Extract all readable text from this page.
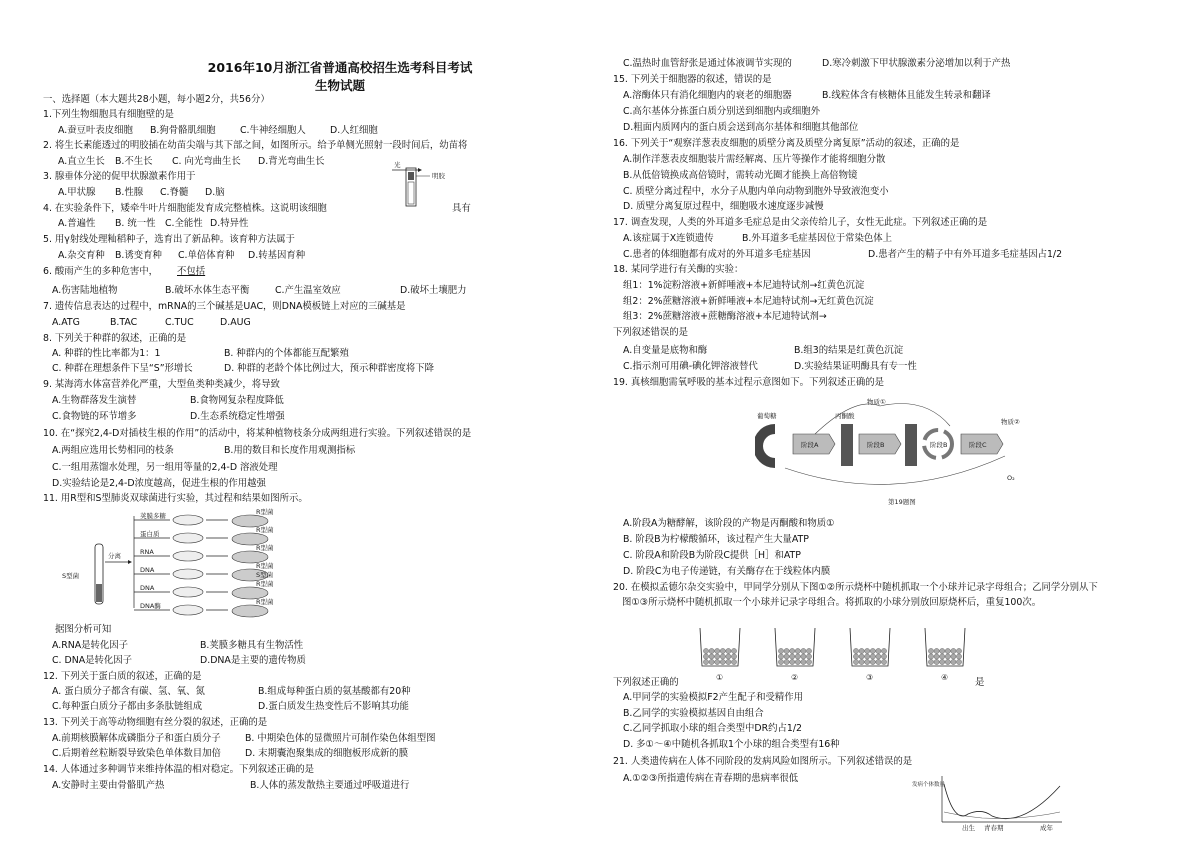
2016年10月浙江省普通高校招生选考科目考试
生物试题
一、选择题（本大题共28小题，每小题2分，共56分）
1.下列生物细胞具有细胞壁的是
A.蚕豆叶表皮细胞 B.狗骨骼肌细胞	C.牛神经细胞人	D.人红细胞
2. 将生长素能透过的明胶插在幼苗尖端与其下部之间，如图所示。给予单侧光照射一段时间后，幼苗将
A.直立生长 B.不生长 C. 向光弯曲生长 D.背光弯曲生长	光
明胶
3. 腺垂体分泌的促甲状腺激素作用于
A.甲状腺 B.性腺 C.脊髓 D.脑
4. 在实验条件下，矮牵牛叶片细胞能发育成完整植株。这说明该细胞	具有
A.普遍性 B. 统一性 C.全能性 D.特异性
5. 用γ射线处理籼稻种子，选育出了新品种。该育种方法属于
A.杂交育种 B.诱变育种 C.单倍体育种 D.转基因育种
6. 酸雨产生的多种危害中， 不包括
A.伤害陆地植物	B.破坏水体生态平衡	C.产生温室效应	D.破坏土壤肥力
7. 遗传信息表达的过程中，mRNA的三个碱基是UAC，则DNA模板链上对应的三碱基是
A.ATG	B.TAC	C.TUC	D.AUG
8. 下列关于种群的叙述，正确的是
A. 种群的性比率都为1：1	B. 种群内的个体都能互配繁殖
C. 种群在理想条件下呈“S”形增长	D. 种群的老龄个体比例过大，预示种群密度将下降
9. 某海湾水体富营养化严重，大型鱼类种类减少，将导致
A.生物群落发生演替	B.食物网复杂程度降低
C.食物链的环节增多	D.生态系统稳定性增强
10. 在“探究2,4-D对插枝生根的作用”的活动中，将某种植物枝条分成两组进行实验。下列叙述错误的是
A.两组应选用长势相同的枝条	B.用的数目和长度作用观测指标
C.一组用蒸馏水处理，另一组用等量的2,4-D 溶液处理
D.实验结论是2,4-D浓度越高，促进生根的作用越强
11. 用R型和S型肺炎双球菌进行实验，其过程和结果如图所示。
S型菌
分离
荚膜多糖	R型菌
蛋白质	R型菌
RNA	R型菌
DNA	R型菌
S型菌
DNA	R型菌
DNA酶	R型菌
据图分析可知
A.RNA是转化因子	B.荚膜多糖具有生物活性
C. DNA是转化因子	D.DNA是主要的遗传物质
12. 下列关于蛋白质的叙述，正确的是
A. 蛋白质分子都含有碳、氢、氧、氮	B.组成每种蛋白质的氨基酸都有20种
C.每种蛋白质分子都由多条肽链组成	D.蛋白质发生热变性后不影响其功能
13. 下列关于高等动物细胞有丝分裂的叙述，正确的是
A.前期核膜解体成磷脂分子和蛋白质分子	B. 中期染色体的显微照片可制作染色体组型图
C.后期着丝粒断裂导致染色单体数目加倍	D. 末期囊泡聚集成的细胞板形成新的膜
14. 人体通过多种调节来维持体温的相对稳定。下列叙述正确的是
A.安静时主要由骨骼肌产热	B.人体的蒸发散热主要通过呼吸道进行
C.温热时血管舒张是通过体液调节实现的	D.寒冷刺激下甲状腺激素分泌增加以利于产热
15. 下列关于细胞器的叙述，错误的是
A.溶酶体只有消化细胞内的衰老的细胞器	B.线粒体含有核糖体且能发生转录和翻译
C.高尔基体分拣蛋白质分别送到细胞内或细胞外
D.粗面内质网内的蛋白质会送到高尔基体和细胞其他部位
16. 下列关于“观察洋葱表皮细胞的质壁分离及质壁分离复原”活动的叙述，正确的是
A.制作洋葱表皮细胞装片需经解离、压片等操作才能将细胞分散
B.从低倍镜换成高倍镜时，需转动光圈才能换上高倍物镜
C. 质壁分离过程中，水分子从胞内单向动物到胞外导致液泡变小
D. 质壁分离复原过程中，细胞吸水速度逐步减慢
17. 调查发现，人类的外耳道多毛症总是由父亲传给儿子，女性无此症。下列叙述正确的是
A.该症属于X连锁遗传	B.外耳道多毛症基因位于常染色体上
C.患者的体细胞都有成对的外耳道多毛症基因	D.患者产生的精子中有外耳道多毛症基因占1/2
18. 某同学进行有关酶的实验：
组1：1%淀粉溶液+新鲜唾液+本尼迪特试剂→红黄色沉淀
组2：2%蔗糖溶液+新鲜唾液+本尼迪特试剂→无红黄色沉淀
组3：2%蔗糖溶液+蔗糖酶溶液+本尼迪特试剂→
下列叙述错误的是
A.自变量是底物和酶	B.组3的结果是红黄色沉淀
C.指示剂可用碘-碘化钾溶液替代	D.实验结果证明酶具有专一性
19. 真核细胞需氧呼吸的基本过程示意图如下。下列叙述正确的是
葡萄糖
阶段A
丙酮酸
阶段B	阶段B	阶段C
物质①
物质②
O₂
第19题图
A.阶段A为糖酵解，该阶段的产物是丙酮酸和物质①
B. 阶段B为柠檬酸循环，该过程产生大量ATP
C. 阶段A和阶段B为阶段C提供［H］和ATP
D. 阶段C为电子传递链，有关酶存在于线粒体内膜
20. 在模拟孟德尔杂交实验中，甲同学分别从下图①②所示烧杯中随机抓取一个小球并记录字母组合；乙同学分别从下
图①③所示烧杯中随机抓取一个小球并记录字母组合。将抓取的小球分别放回原烧杯后，重复100次。
①	②	③	④
下列叙述正确的	是
A.甲同学的实验模拟F2产生配子和受精作用
B.乙同学的实验模拟基因自由组合
C.乙同学抓取小球的组合类型中DR约占1/2
D. 多①～④中随机各抓取1个小球的组合类型有16种
21. 人类遗传病在人体不同阶段的发病风险如图所示。下列叙述错误的是
A.①②③所指遗传病在青春期的患病率很低
发病个体数量
出生 青春期	成年
